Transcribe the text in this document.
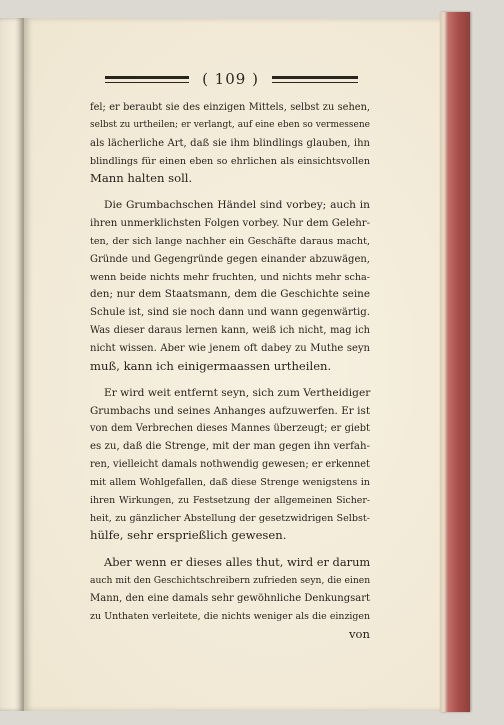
( 109 )
fel; er beraubt sie des einzigen Mittels, selbst zu sehen,
selbst zu urtheilen; er verlangt, auf eine eben so vermessene
als lächerliche Art, daß sie ihm blindlings glauben, ihn
blindlings für einen eben so ehrlichen als einsichtsvollen
Mann halten soll.
Die Grumbachschen Händel sind vorbey; auch in
ihren unmerklichsten Folgen vorbey. Nur dem Gelehr-
ten, der sich lange nachher ein Geschäfte daraus macht,
Gründe und Gegengründe gegen einander abzuwägen,
wenn beide nichts mehr fruchten, und nichts mehr scha-
den; nur dem Staatsmann, dem die Geschichte seine
Schule ist, sind sie noch dann und wann gegenwärtig.
Was dieser daraus lernen kann, weiß ich nicht, mag ich
nicht wissen. Aber wie jenem oft dabey zu Muthe seyn
muß, kann ich einigermaassen urtheilen.
Er wird weit entfernt seyn, sich zum Vertheidiger
Grumbachs und seines Anhanges aufzuwerfen. Er ist
von dem Verbrechen dieses Mannes überzeugt; er giebt
es zu, daß die Strenge, mit der man gegen ihn verfah-
ren, vielleicht damals nothwendig gewesen; er erkennet
mit allem Wohlgefallen, daß diese Strenge wenigstens in
ihren Wirkungen, zu Festsetzung der allgemeinen Sicher-
heit, zu gänzlicher Abstellung der gesetzwidrigen Selbst-
hülfe, sehr ersprießlich gewesen.
Aber wenn er dieses alles thut, wird er darum
auch mit den Geschichtschreibern zufrieden seyn, die einen
Mann, den eine damals sehr gewöhnliche Denkungsart
zu Unthaten verleitete, die nichts weniger als die einzigen
von
